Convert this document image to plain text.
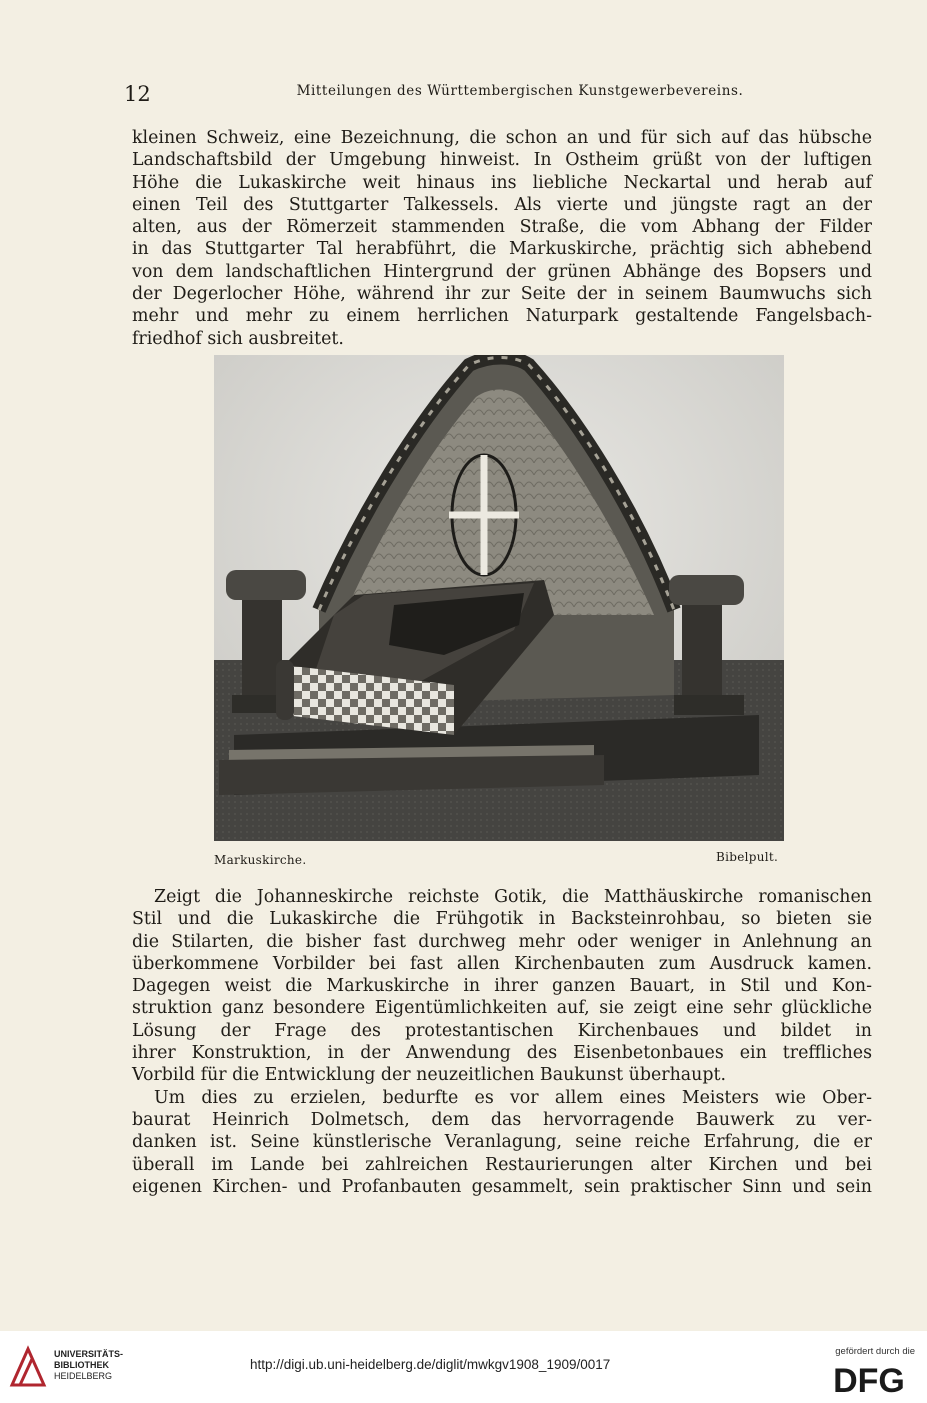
12	Mitteilungen des Württembergischen Kunstgewerbevereins.
kleinen Schweiz, eine Bezeichnung, die schon an und für sich auf das hübsche
Landschaftsbild der Umgebung hinweist. In Ostheim grüßt von der luftigen
Höhe die Lukaskirche weit hinaus ins liebliche Neckartal und herab auf
einen Teil des Stuttgarter Talkessels. Als vierte und jüngste ragt an der
alten, aus der Römerzeit stammenden Straße, die vom Abhang der Filder
in das Stuttgarter Tal herabführt, die Markuskirche, prächtig sich abhebend
von dem landschaftlichen Hintergrund der grünen Abhänge des Bopsers und
der Degerlocher Höhe, während ihr zur Seite der in seinem Baumwuchs sich
mehr und mehr zu einem herrlichen Naturpark gestaltende Fangelsbach-
friedhof sich ausbreitet.
Markuskirche.	Bibelpult.
Zeigt die Johanneskirche reichste Gotik, die Matthäuskirche romanischen
Stil und die Lukaskirche die Frühgotik in Backsteinrohbau, so bieten sie
die Stilarten, die bisher fast durchweg mehr oder weniger in Anlehnung an
überkommene Vorbilder bei fast allen Kirchenbauten zum Ausdruck kamen.
Dagegen weist die Markuskirche in ihrer ganzen Bauart, in Stil und Kon-
struktion ganz besondere Eigentümlichkeiten auf, sie zeigt eine sehr glückliche
Lösung der Frage des protestantischen Kirchenbaues und bildet in
ihrer Konstruktion, in der Anwendung des Eisenbetonbaues ein treffliches
Vorbild für die Entwicklung der neuzeitlichen Baukunst überhaupt.
Um dies zu erzielen, bedurfte es vor allem eines Meisters wie Ober-
baurat Heinrich Dolmetsch, dem das hervorragende Bauwerk zu ver-
danken ist. Seine künstlerische Veranlagung, seine reiche Erfahrung, die er
überall im Lande bei zahlreichen Restaurierungen alter Kirchen und bei
eigenen Kirchen- und Profanbauten gesammelt, sein praktischer Sinn und sein
UNIVERSITÄTS-
BIBLIOTHEK
HEIDELBERG
http://digi.ub.uni-heidelberg.de/diglit/mwkgv1908_1909/0017
gefördert durch die
DFG
